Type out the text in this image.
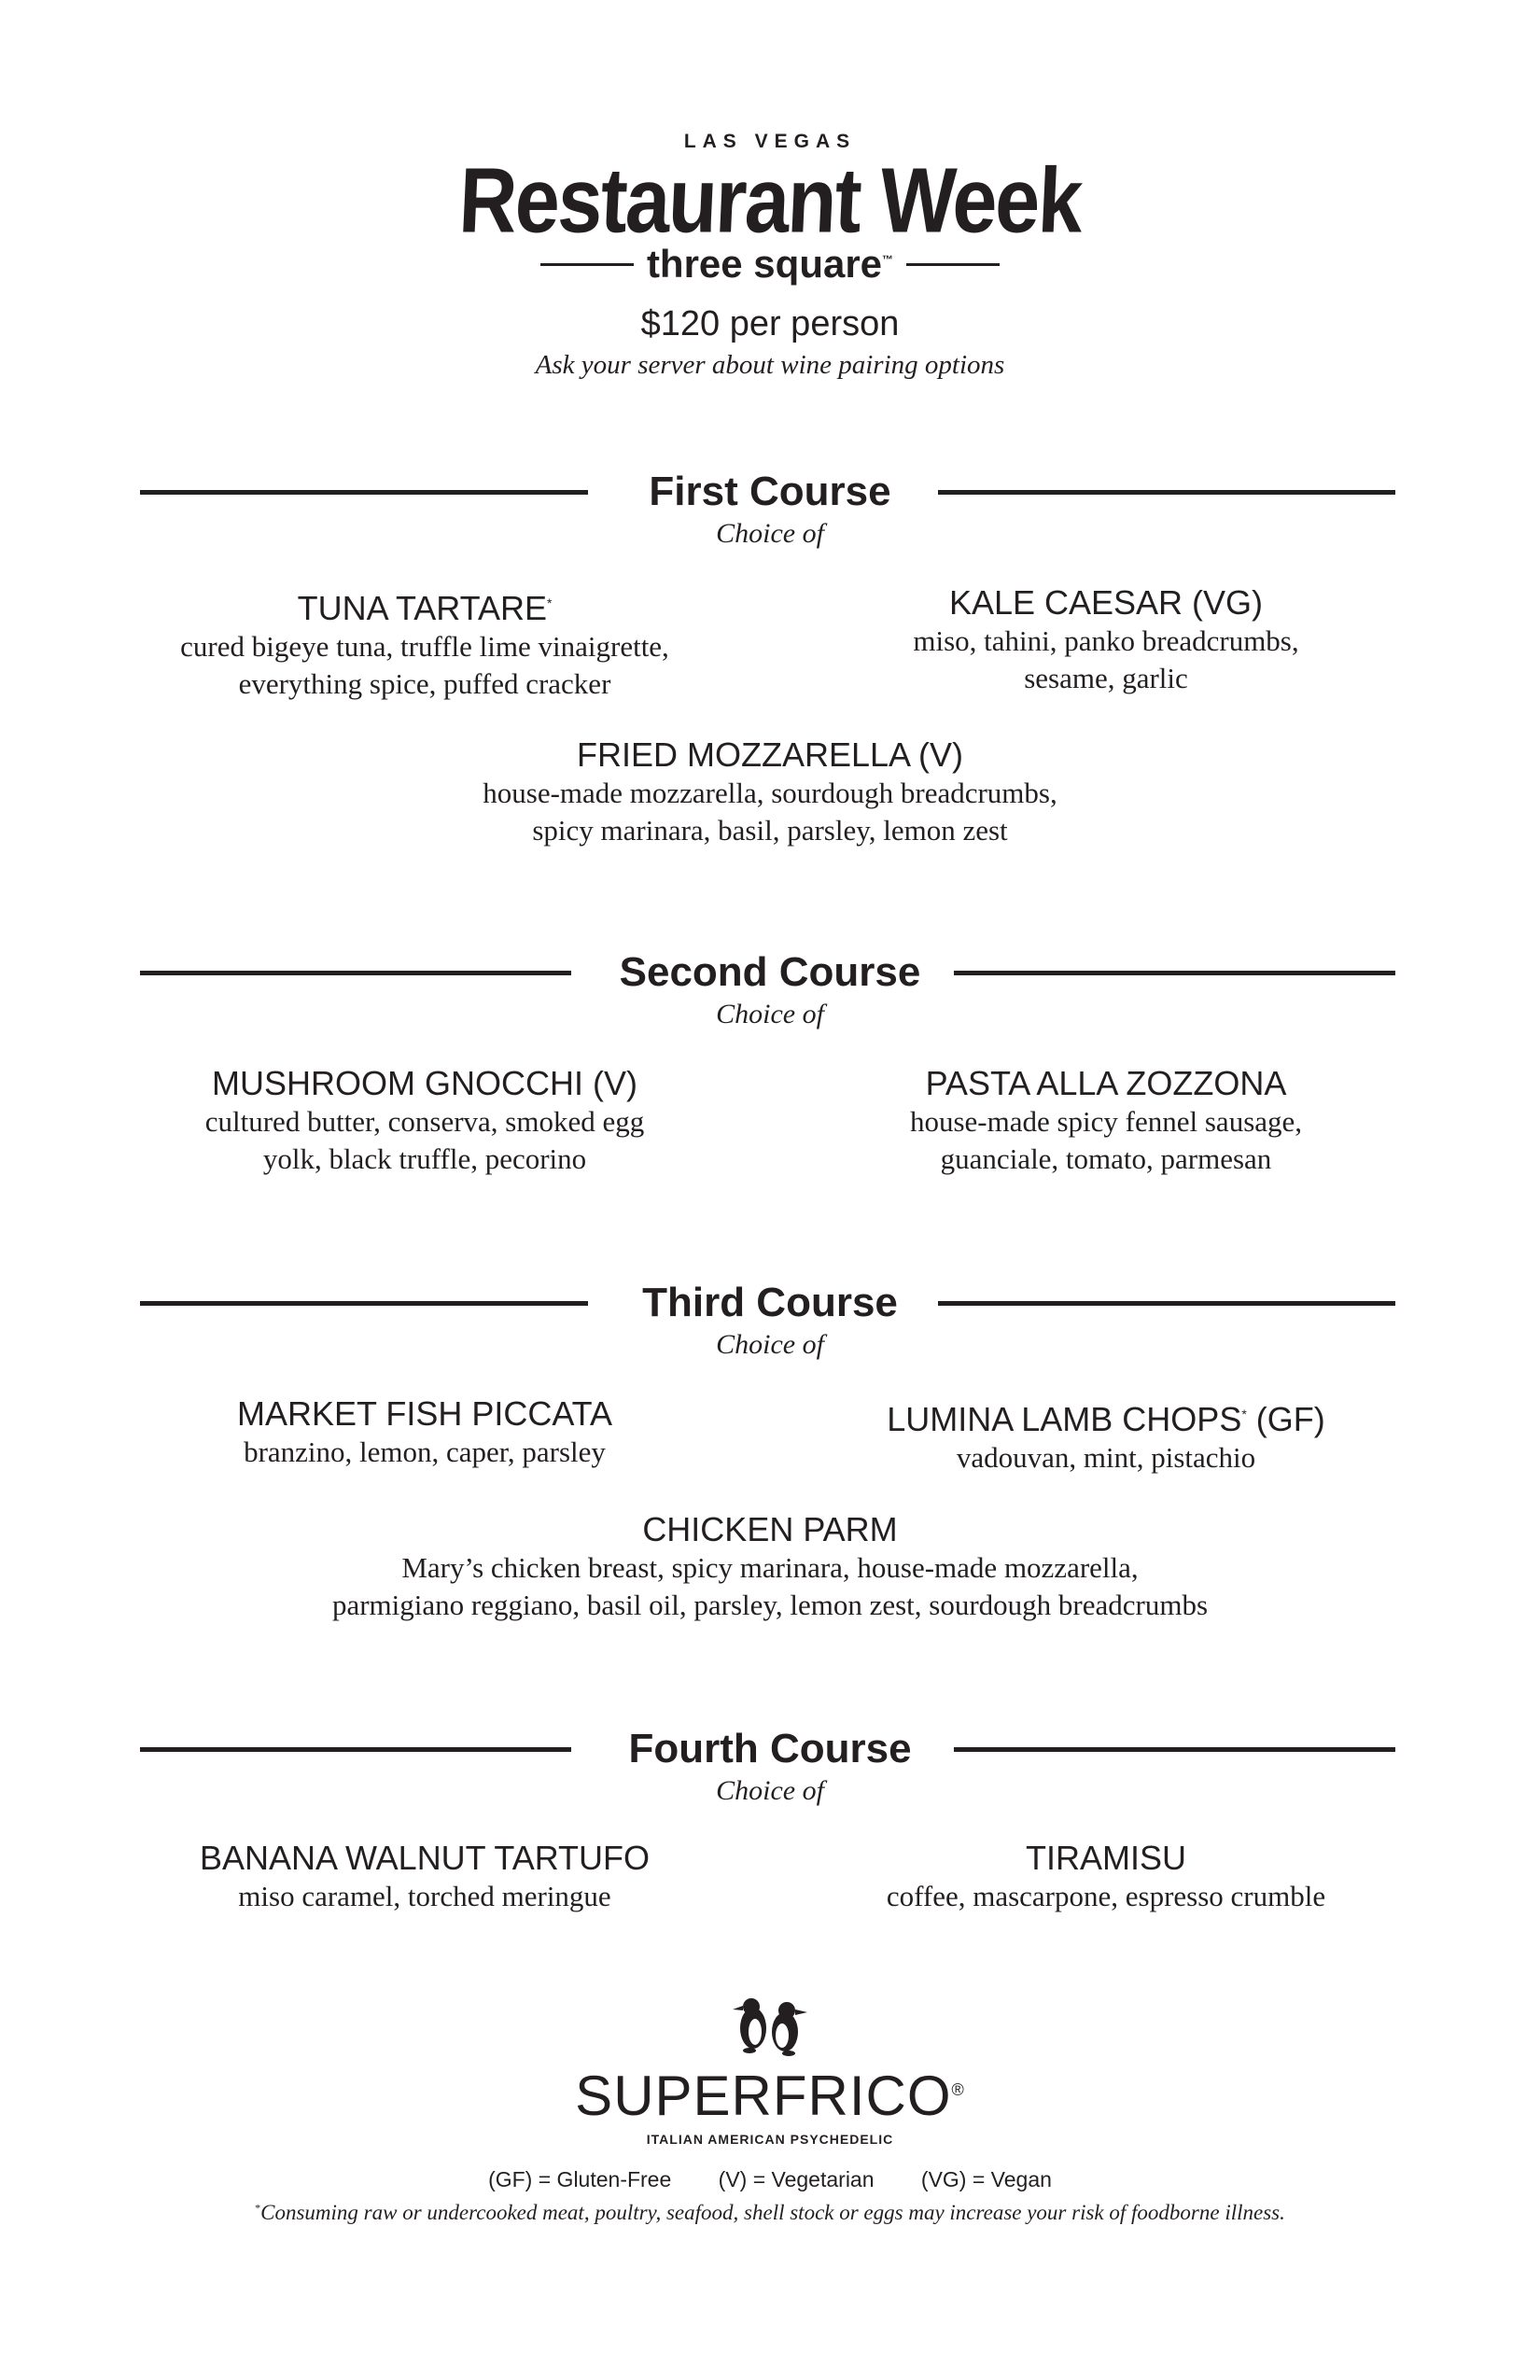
LAS VEGAS
Restaurant Week
three square™
$120 per person
Ask your server about wine pairing options
First Course
Choice of
TUNA TARTARE*
cured bigeye tuna, truffle lime vinaigrette,
everything spice, puffed cracker
KALE CAESAR (VG)
miso, tahini, panko breadcrumbs,
sesame, garlic
FRIED MOZZARELLA (V)
house-made mozzarella, sourdough breadcrumbs,
spicy marinara, basil, parsley, lemon zest
Second Course
Choice of
MUSHROOM GNOCCHI (V)
cultured butter, conserva, smoked egg
yolk, black truffle, pecorino
PASTA ALLA ZOZZONA
house-made spicy fennel sausage,
guanciale, tomato, parmesan
Third Course
Choice of
MARKET FISH PICCATA
branzino, lemon, caper, parsley
LUMINA LAMB CHOPS* (GF)
vadouvan, mint, pistachio
CHICKEN PARM
Mary’s chicken breast, spicy marinara, house-made mozzarella,
parmigiano reggiano, basil oil, parsley, lemon zest, sourdough breadcrumbs
Fourth Course
Choice of
BANANA WALNUT TARTUFO
miso caramel, torched meringue
TIRAMISU
coffee, mascarpone, espresso crumble
SUPERFRICO®
ITALIAN AMERICAN PSYCHEDELIC
(GF) = Gluten-Free (V) = Vegetarian (VG) = Vegan
*Consuming raw or undercooked meat, poultry, seafood, shell stock or eggs may increase your risk of foodborne illness.
